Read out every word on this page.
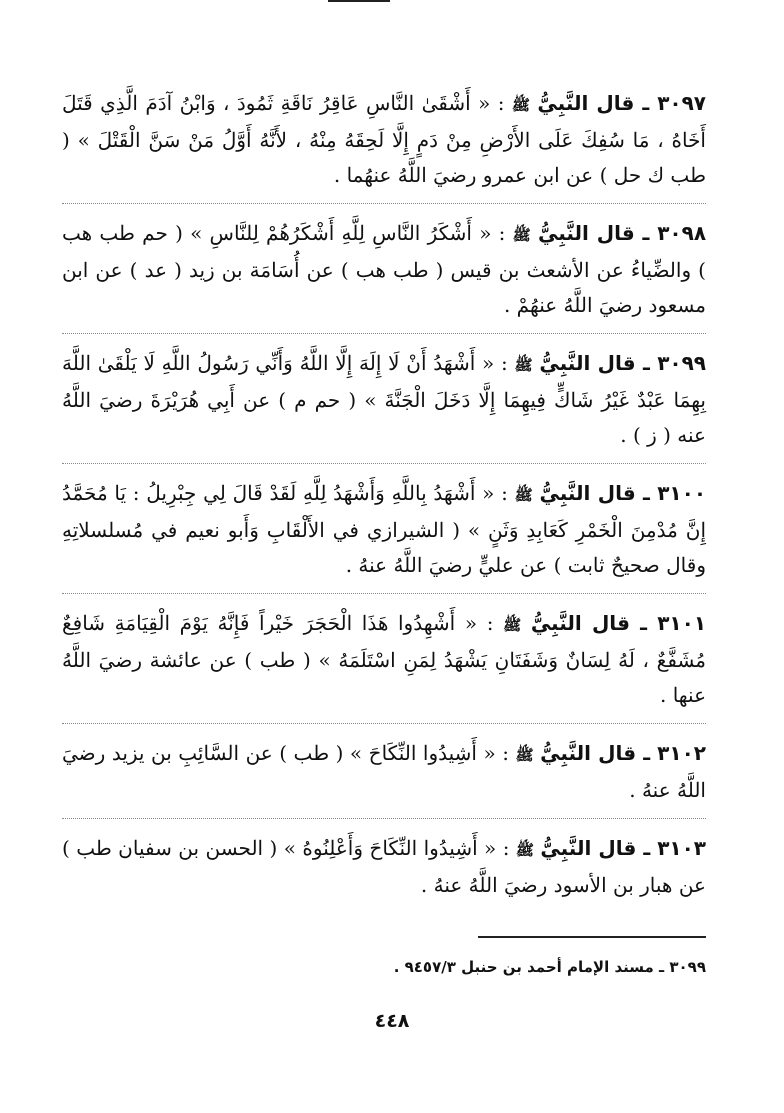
٣٠٩٧ ـ قال النَّبِيُّ ﷺ : « أَشْقَىٰ النَّاسِ عَاقِرُ نَاقَةِ ثَمُودَ ، وَابْنُ آدَمَ الَّذِي قَتَلَ أَخَاهُ ، مَا سُفِكَ عَلَى الأَرْضِ مِنْ دَمٍ إِلَّا لَحِقَهُ مِنْهُ ، لأَنَّهُ أَوَّلُ مَنْ سَنَّ الْقَتْلَ » ( طب ك حل ) عن ابن عمرو رضيَ اللَّهُ عنهُما .

٣٠٩٨ ـ قال النَّبِيُّ ﷺ : « أَشْكَرُ النَّاسِ لِلَّهِ أَشْكَرُهُمْ لِلنَّاسِ » ( حم طب هب ) والضِّياءُ عن الأشعث بن قيس ( طب هب ) عن أُسَامَة بن زيد ( عد ) عن ابن مسعود رضيَ اللَّهُ عنهُمْ .

٣٠٩٩ ـ قال النَّبِيُّ ﷺ : « أَشْهَدُ أَنْ لَا إِلَهَ إِلَّا اللَّهُ وَأَنِّي رَسُولُ اللَّهِ لَا يَلْقَىٰ اللَّهَ بِهِمَا عَبْدٌ غَيْرُ شَاكٍّ فِيهِمَا إِلَّا دَخَلَ الْجَنَّةَ » ( حم م ) عن أَبِي هُرَيْرَةَ رضيَ اللَّهُ عنه ( ز ) .

٣١٠٠ ـ قال النَّبِيُّ ﷺ : « أَشْهَدُ بِاللَّهِ وَأَشْهَدُ لِلَّهِ لَقَدْ قَالَ لِي جِبْرِيلُ : يَا مُحَمَّدُ إِنَّ مُدْمِنَ الْخَمْرِ كَعَابِدِ وَثَنٍ » ( الشيرازي في الأَلْقَابِ وَأَبو نعيم في مُسلسلاتِهِ وقال صحيحٌ ثابت ) عن عليٍّ رضيَ اللَّهُ عنهُ .

٣١٠١ ـ قال النَّبِيُّ ﷺ : « أَشْهِدُوا هَذَا الْحَجَرَ خَيْراً فَإِنَّهُ يَوْمَ الْقِيَامَةِ شَافِعٌ مُشَفَّعٌ ، لَهُ لِسَانٌ وَشَفَتَانِ يَشْهَدُ لِمَنِ اسْتَلَمَهُ » ( طب ) عن عائشة رضيَ اللَّهُ عنها .

٣١٠٢ ـ قال النَّبِيُّ ﷺ : « أَشِيدُوا النِّكَاحَ » ( طب ) عن السَّائِبِ بن يزيد رضيَ اللَّهُ عنهُ .

٣١٠٣ ـ قال النَّبِيُّ ﷺ : « أَشِيدُوا النِّكَاحَ وَأَعْلِنُوهُ » ( الحسن بن سفيان طب ) عن هبار بن الأسود رضيَ اللَّهُ عنهُ .

٣٠٩٩ ـ مسند الإمام أحمد بن حنبل ٩٤٥٧/٣ .
٤٤٨
